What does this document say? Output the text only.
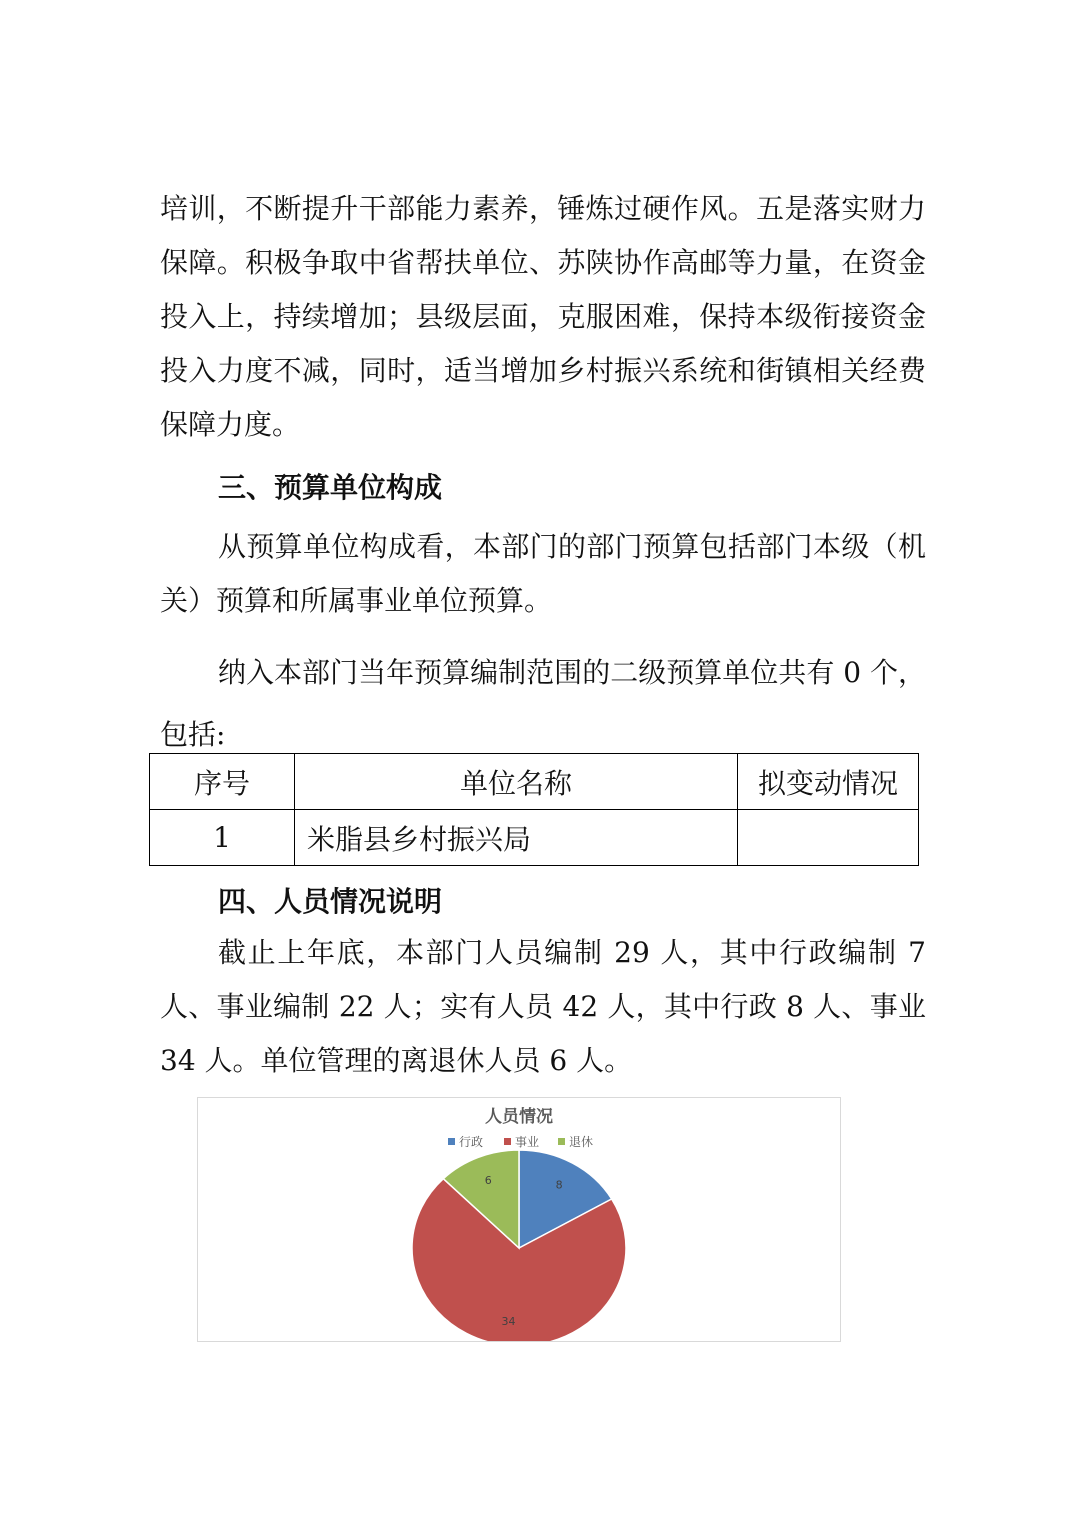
培训，不断提升干部能力素养，锤炼过硬作风。五是落实财力保障。积极争取中省帮扶单位、苏陕协作高邮等力量，在资金投入上，持续增加；县级层面，克服困难，保持本级衔接资金投入力度不减，同时，适当增加乡村振兴系统和街镇相关经费保障力度。

三、预算单位构成

从预算单位构成看，本部门的部门预算包括部门本级（机关）预算和所属事业单位预算。

纳入本部门当年预算编制范围的二级预算单位共有 0 个，包括:

序号	单位名称	拟变动情况
1	米脂县乡村振兴局	

四、人员情况说明

截止上年底，本部门人员编制 29 人，其中行政编制 7 人、事业编制 22 人；实有人员 42 人，其中行政 8 人、事业 34 人。单位管理的离退休人员 6 人。

人员情况
行政	事业 退休
8
34
6
